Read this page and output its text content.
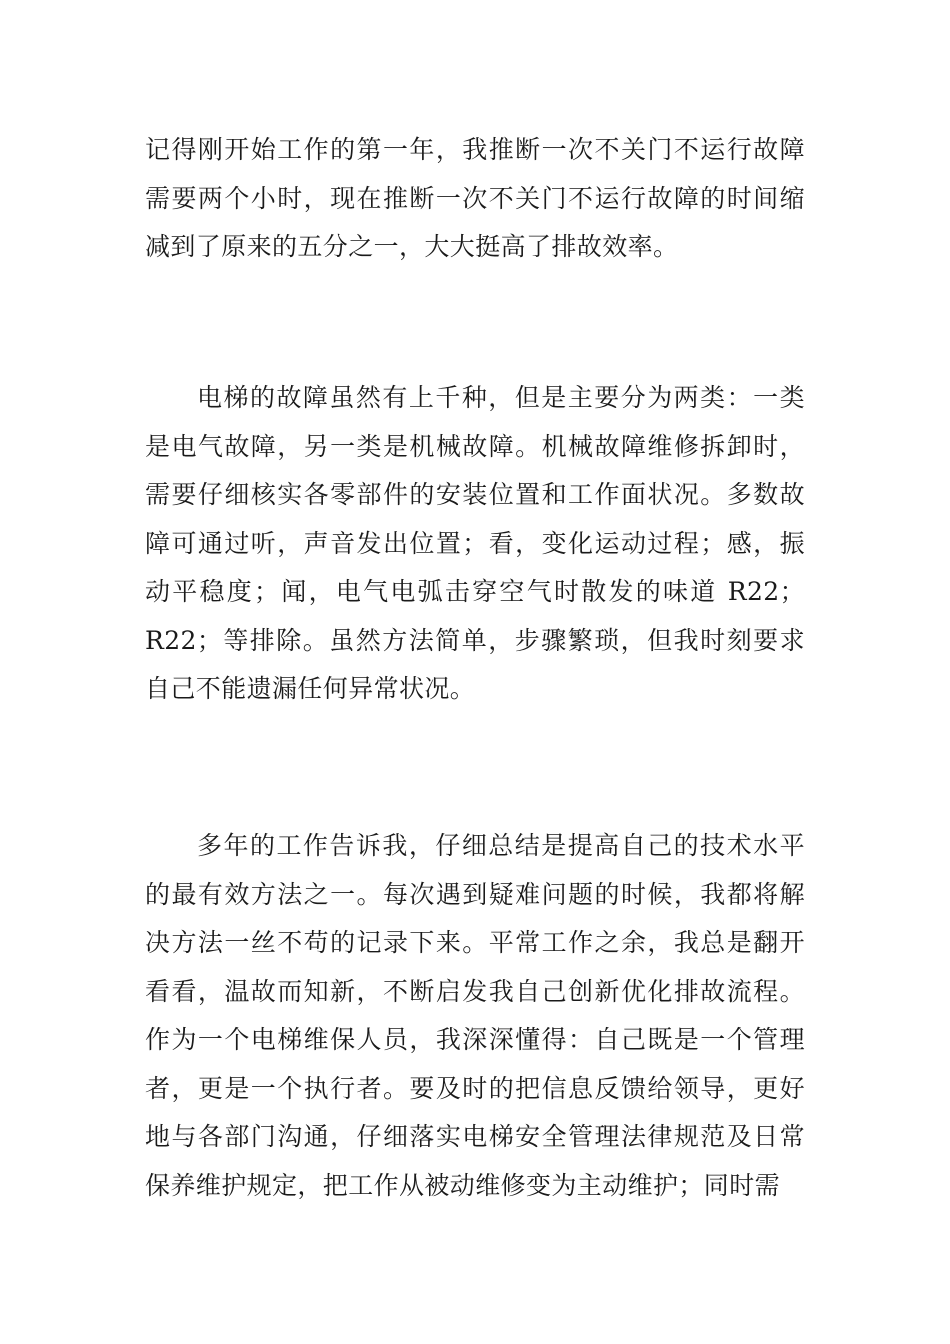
记得刚开始工作的第一年，我推断一次不关门不运行故障需要两个小时，现在推断一次不关门不运行故障的时间缩减到了原来的五分之一，大大挺高了排故效率。

电梯的故障虽然有上千种，但是主要分为两类：一类是电气故障，另一类是机械故障。机械故障维修拆卸时，需要仔细核实各零部件的安装位置和工作面状况。多数故障可通过听，声音发出位置；看，变化运动过程；感，振动平稳度；闻，电气电弧击穿空气时散发的味道 R22；R22；等排除。虽然方法简单，步骤繁琐，但我时刻要求自己不能遗漏任何异常状况。

多年的工作告诉我，仔细总结是提高自己的技术水平的最有效方法之一。每次遇到疑难问题的时候，我都将解决方法一丝不苟的记录下来。平常工作之余，我总是翻开看看，温故而知新，不断启发我自己创新优化排故流程。作为一个电梯维保人员，我深深懂得：自己既是一个管理者，更是一个执行者。要及时的把信息反馈给领导，更好地与各部门沟通，仔细落实电梯安全管理法律规范及日常保养维护规定，把工作从被动维修变为主动维护；同时需
